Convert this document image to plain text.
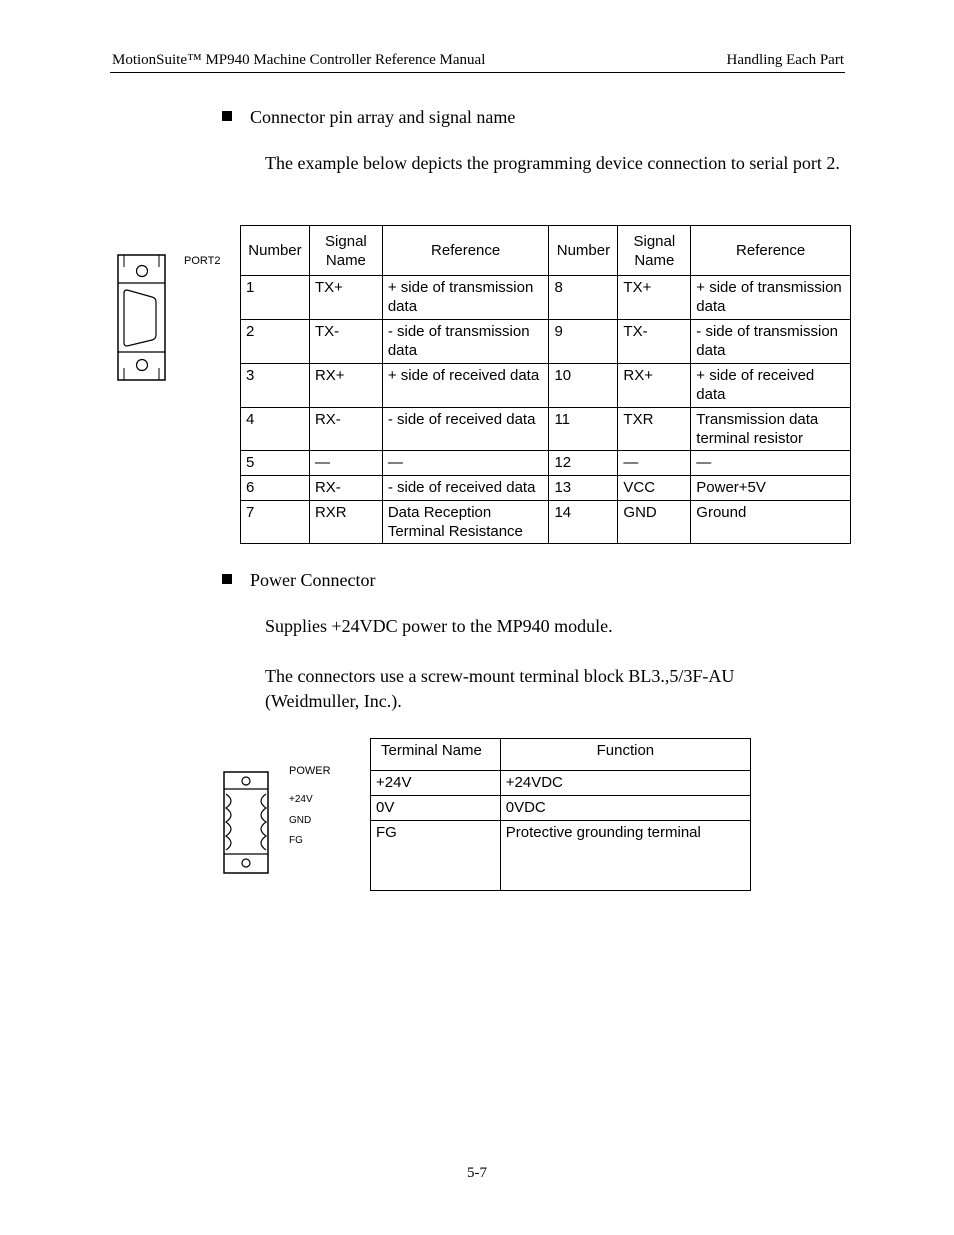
MotionSuite™ MP940 Machine Controller Reference Manual	Handling Each Part
Connector pin array and signal name
The example below depicts the programming device connection to serial port 2.
PORT2
Number	Signal Name	Reference	Number	Signal Name	Reference
1	TX+	+ side of transmission data	8	TX+	+ side of transmission data
2	TX-	- side of transmission data	9	TX-	- side of transmission data
3	RX+	+ side of received data	10	RX+	+ side of received data
4	RX-	- side of received data	11	TXR	Transmission data terminal resistor
5	—	—	12	—	—
6	RX-	- side of received data	13	VCC	Power+5V
7	RXR	Data Reception Terminal Resistance	14	GND	Ground
Power Connector
Supplies +24VDC power to the MP940 module.
The connectors use a screw-mount terminal block BL3.,5/3F-AU (Weidmuller, Inc.).
POWER
+24V
GND
FG
Terminal Name	Function
+24V	+24VDC
0V	0VDC
FG	Protective grounding terminal
5-7
